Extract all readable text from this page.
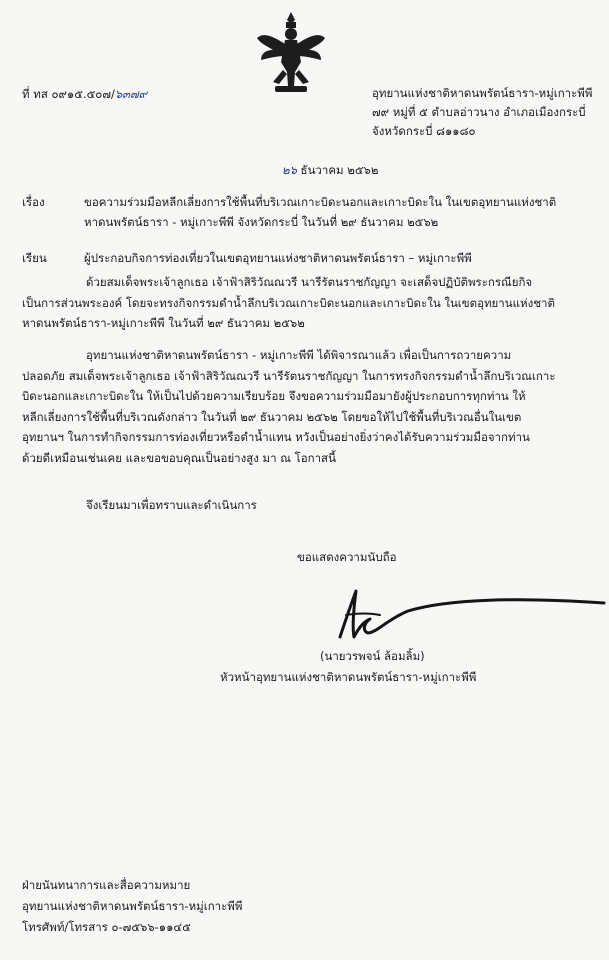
ที่ ทส ๐๙๑๕.๕๐๗/๖๓๗๙	อุทยานแห่งชาติหาดนพรัตน์ธารา-หมู่เกาะพีพี
๗๙ หมู่ที่ ๕ ตำบลอ่าวนาง อำเภอเมืองกระบี่
จังหวัดกระบี่ ๘๑๑๘๐
๒๖ ธันวาคม ๒๕๖๒
เรื่อง	ขอความร่วมมือหลีกเลี่ยงการใช้พื้นที่บริเวณเกาะบิดะนอกและเกาะบิดะใน ในเขตอุทยานแห่งชาติ
หาดนพรัตน์ธารา - หมู่เกาะพีพี จังหวัดกระบี่ ในวันที่ ๒๙ ธันวาคม ๒๕๖๒
เรียน	ผู้ประกอบกิจการท่องเที่ยวในเขตอุทยานแห่งชาติหาดนพรัตน์ธารา – หมู่เกาะพีพี
ด้วยสมเด็จพระเจ้าลูกเธอ เจ้าฟ้าสิริวัณณวรี นารีรัตนราชกัญญา จะเสด็จปฏิบัติพระกรณียกิจ
เป็นการส่วนพระองค์ โดยจะทรงกิจกรรมดำน้ำลึกบริเวณเกาะบิดะนอกและเกาะบิดะใน ในเขตอุทยานแห่งชาติ
หาดนพรัตน์ธารา-หมู่เกาะพีพี ในวันที่ ๒๙ ธันวาคม ๒๕๖๒
อุทยานแห่งชาติหาดนพรัตน์ธารา - หมู่เกาะพีพี ได้พิจารณาแล้ว เพื่อเป็นการถวายความ
ปลอดภัย สมเด็จพระเจ้าลูกเธอ เจ้าฟ้าสิริวัณณวรี นารีรัตนราชกัญญา ในการทรงกิจกรรมดำน้ำลึกบริเวณเกาะ
บิดะนอกและเกาะบิดะใน ให้เป็นไปด้วยความเรียบร้อย จึงขอความร่วมมือมายังผู้ประกอบการทุกท่าน ให้
หลีกเลี่ยงการใช้พื้นที่บริเวณดังกล่าว ในวันที่ ๒๙ ธันวาคม ๒๕๖๒ โดยขอให้ไปใช้พื้นที่บริเวณอื่นในเขต
อุทยานฯ ในการทำกิจกรรมการท่องเที่ยวหรือดำน้ำแทน หวังเป็นอย่างยิ่งว่าคงได้รับความร่วมมือจากท่าน
ด้วยดีเหมือนเช่นเคย และขอขอบคุณเป็นอย่างสูง มา ณ โอกาสนี้
จึงเรียนมาเพื่อทราบและดำเนินการ
ขอแสดงความนับถือ
(นายวรพจน์ ล้อมลิ้ม)
หัวหน้าอุทยานแห่งชาติหาดนพรัตน์ธารา-หมู่เกาะพีพี
ฝ่ายนันทนาการและสื่อความหมาย
อุทยานแห่งชาติหาดนพรัตน์ธารา-หมู่เกาะพีพี
โทรศัพท์/โทรสาร ๐-๗๕๖๖-๑๑๔๕
